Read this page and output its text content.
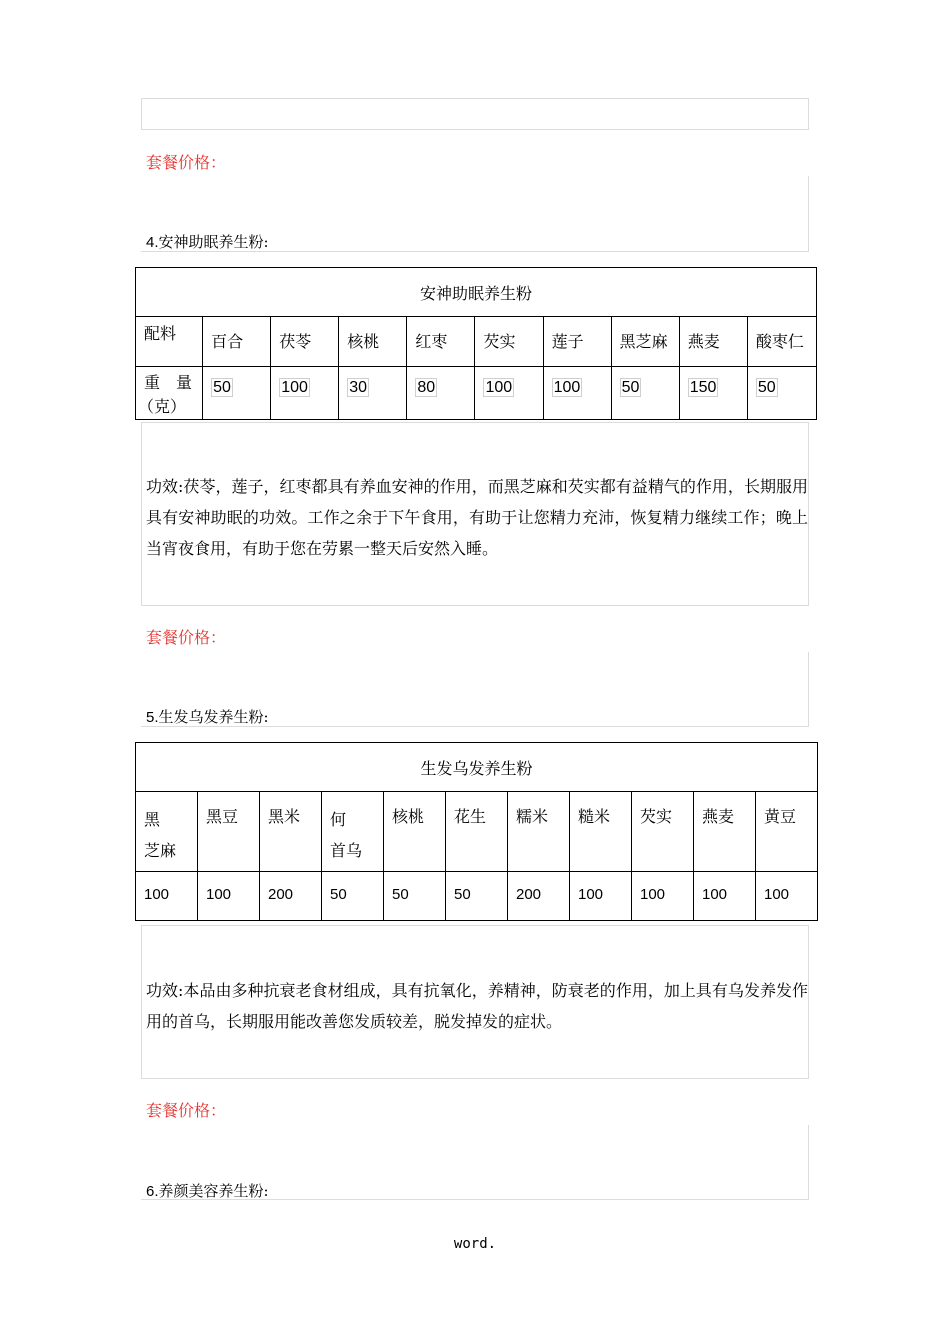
套餐价格：
4.安神助眠养生粉:
安神助眠养生粉									

配料	百合	茯苓	核桃	红枣	芡实	莲子	黑芝麻	燕麦	酸枣仁

重　量
（克）	50	100	30	80	100	100	50	150	50
功效:茯苓，莲子，红枣都具有养血安神的作用，而黑芝麻和芡实都有益精气的作用，长期服用具有安神助眠的功效。工作之余于下午食用，有助于让您精力充沛，恢复精力继续工作；晚上当宵夜食用，有助于您在劳累一整天后安然入睡。
套餐价格：
5.生发乌发养生粉:
生发乌发养生粉										

黑　芝麻	黑豆	黑米	何　首乌	核桃	花生	糯米	糙米	芡实	燕麦	黄豆

100	100	200	50	50	50	200	100	100	100	100
功效:本品由多种抗衰老食材组成，具有抗氧化，养精神，防衰老的作用，加上具有乌发养发作用的首乌，长期服用能改善您发质较差，脱发掉发的症状。
套餐价格：
6.养颜美容养生粉:
word.
